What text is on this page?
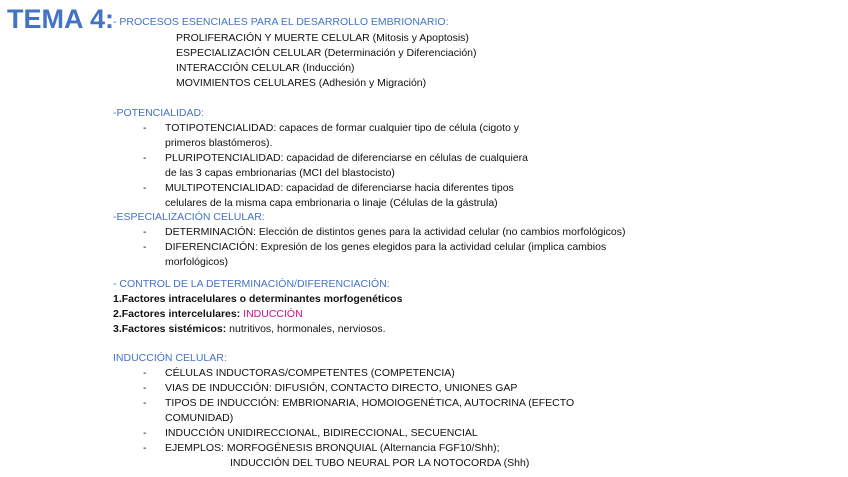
TEMA 4: - PROCESOS ESENCIALES PARA EL DESARROLLO EMBRIONARIO:
PROLIFERACIÓN Y MUERTE CELULAR (Mitosis y Apoptosis)
ESPECIALIZACIÓN CELULAR (Determinación y Diferenciación)
INTERACCIÓN CELULAR (Inducción)
MOVIMIENTOS CELULARES (Adhesión y Migración)
-POTENCIALIDAD:
- TOTIPOTENCIALIDAD: capaces de formar cualquier tipo de célula (cigoto y
primeros blastómeros).
- PLURIPOTENCIALIDAD: capacidad de diferenciarse en células de cualquiera
de las 3 capas embrionarias (MCI del blastocisto)
- MULTIPOTENCIALIDAD: capacidad de diferenciarse hacia diferentes tipos
celulares de la misma capa embrionaria o linaje (Células de la gástrula)
-ESPECIALIZACIÓN CELULAR:
- DETERMINACIÓN: Elección de distintos genes para la actividad celular (no cambios morfológicos)
- DIFERENCIACIÓN: Expresión de los genes elegidos para la actividad celular (implica cambios
morfológicos)
- CONTROL DE LA DETERMINACIÓN/DIFERENCIACIÓN:
1.Factores intracelulares o determinantes morfogenéticos
2.Factores intercelulares: INDUCCIÓN
3.Factores sistémicos: nutritivos, hormonales, nerviosos.
INDUCCIÓN CELULAR:
- CÉLULAS INDUCTORAS/COMPETENTES (COMPETENCIA)
- VIAS DE INDUCCIÓN: DIFUSIÓN, CONTACTO DIRECTO, UNIONES GAP
- TIPOS DE INDUCCIÓN: EMBRIONARIA, HOMOIOGENÉTICA, AUTOCRINA (EFECTO
COMUNIDAD)
- INDUCCIÓN UNIDIRECCIONAL, BIDIRECCIONAL, SECUENCIAL
- EJEMPLOS: MORFOGÉNESIS BRONQUIAL (Alternancia FGF10/Shh);
INDUCCIÓN DEL TUBO NEURAL POR LA NOTOCORDA (Shh)
